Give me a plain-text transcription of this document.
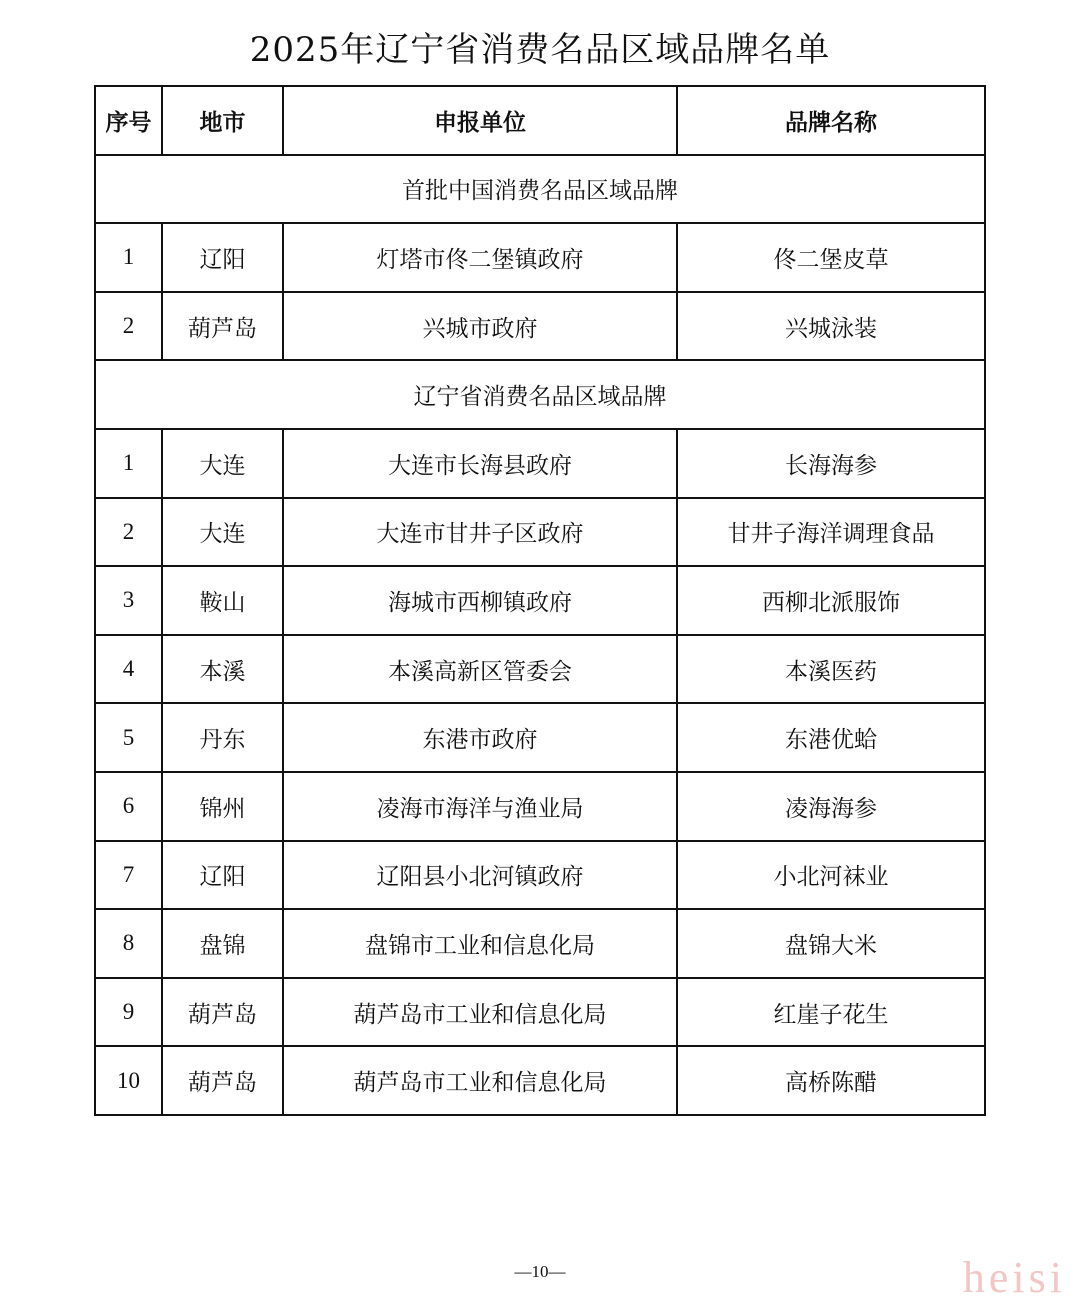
2025年辽宁省消费名品区域品牌名单
序号	地市	申报单位	品牌名称
首批中国消费名品区域品牌			
1	辽阳	灯塔市佟二堡镇政府	佟二堡皮草
2	葫芦岛	兴城市政府	兴城泳装
辽宁省消费名品区域品牌			
1	大连	大连市长海县政府	长海海参
2	大连	大连市甘井子区政府	甘井子海洋调理食品
3	鞍山	海城市西柳镇政府	西柳北派服饰
4	本溪	本溪高新区管委会	本溪医药
5	丹东	东港市政府	东港优蛤
6	锦州	凌海市海洋与渔业局	凌海海参
7	辽阳	辽阳县小北河镇政府	小北河袜业
8	盘锦	盘锦市工业和信息化局	盘锦大米
9	葫芦岛	葫芦岛市工业和信息化局	红崖子花生
10	葫芦岛	葫芦岛市工业和信息化局	高桥陈醋
—10—	heisi
